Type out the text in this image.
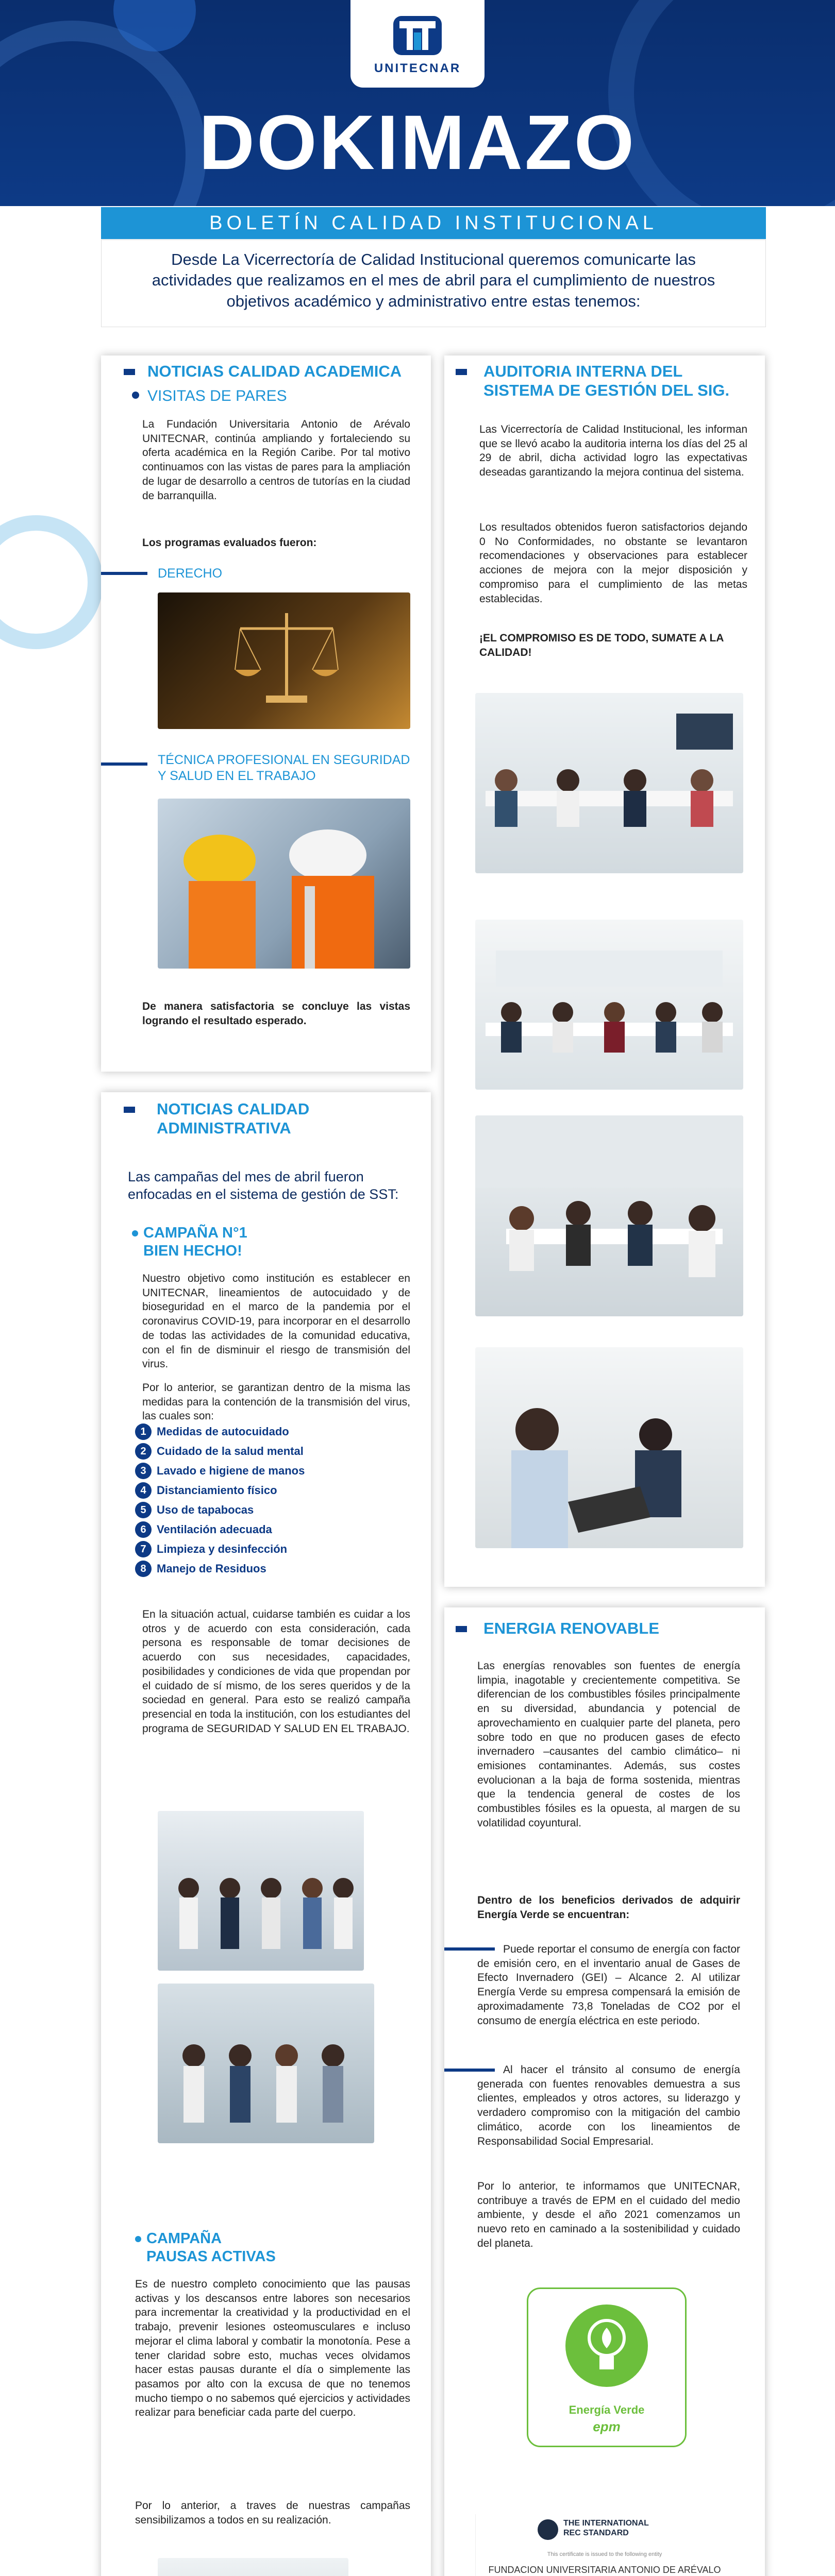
UNITECNAR
DOKIMAZO
BOLETÍN CALIDAD INSTITUCIONAL
Desde La Vicerrectoría de Calidad Institucional queremos comunicarte las actividades que realizamos en el mes de abril para el cumplimiento de nuestros objetivos académico y administrativo entre estas tenemos:
NOTICIAS CALIDAD ACADEMICA
VISITAS DE PARES
La Fundación Universitaria Antonio de Arévalo UNITECNAR, continúa ampliando y fortaleciendo su oferta académica en la Región Caribe. Por tal motivo continuamos con las vistas de pares para la ampliación de lugar de desarrollo a centros de tutorías en la ciudad de barranquilla.
Los programas evaluados fueron:
DERECHO
TÉCNICA PROFESIONAL EN SEGURIDAD Y SALUD EN EL TRABAJO
De manera satisfactoria se concluye las vistas logrando el resultado esperado.
AUDITORIA INTERNA DEL SISTEMA DE GESTIÓN DEL SIG.
Las Vicerrectoría de Calidad Institucional, les informan que se llevó acabo la auditoria interna los días del 25 al 29 de abril, dicha actividad logro las expectativas deseadas garantizando la mejora continua del sistema.
Los resultados obtenidos fueron satisfactorios dejando 0 No Conformidades, no obstante se levantaron recomendaciones y observaciones para establecer acciones de mejora con la mejor disposición y compromiso para el cumplimiento de las metas establecidas.
¡EL COMPROMISO ES DE TODO, SUMATE A LA CALIDAD!
NOTICIAS CALIDAD ADMINISTRATIVA
Las campañas del mes de abril fueron enfocadas en el sistema de gestión de SST:
CAMPAÑA N°1 BIEN HECHO!
Nuestro objetivo como institución es establecer en UNITECNAR, lineamientos de autocuidado y de bioseguridad en el marco de la pandemia por el coronavirus COVID-19, para incorporar en el desarrollo de todas las actividades de la comunidad educativa, con el fin de disminuir el riesgo de transmisión del virus.
Por lo anterior, se garantizan dentro de la misma las medidas para la contención de la transmisión del virus, las cuales son:
1 Medidas de autocuidado
2 Cuidado de la salud mental
3 Lavado e higiene de manos
4 Distanciamiento físico
5 Uso de tapabocas
6 Ventilación adecuada
7 Limpieza y desinfección
8 Manejo de Residuos
En la situación actual, cuidarse también es cuidar a los otros y de acuerdo con esta consideración, cada persona es responsable de tomar decisiones de acuerdo con sus necesidades, capacidades, posibilidades y condiciones de vida que propendan por el cuidado de sí mismo, de los seres queridos y de la sociedad en general. Para esto se realizó campaña presencial en toda la institución, con los estudiantes del programa de SEGURIDAD Y SALUD EN EL TRABAJO.
CAMPAÑA PAUSAS ACTIVAS
Es de nuestro completo conocimiento que las pausas activas y los descansos entre labores son necesarios para incrementar la creatividad y la productividad en el trabajo, prevenir lesiones osteomusculares e incluso mejorar el clima laboral y combatir la monotonía. Pese a tener claridad sobre esto, muchas veces olvidamos hacer estas pausas durante el día o simplemente las pasamos por alto con la excusa de que no tenemos mucho tiempo o no sabemos qué ejercicios y actividades realizar para beneficiar cada parte del cuerpo.
Por lo anterior, a traves de nuestras campañas sensibilizamos a todos en su realización.
ENERGIA RENOVABLE
Las energías renovables son fuentes de energía limpia, inagotable y crecientemente competitiva. Se diferencian de los combustibles fósiles principalmente en su diversidad, abundancia y potencial de aprovechamiento en cualquier parte del planeta, pero sobre todo en que no producen gases de efecto invernadero –causantes del cambio climático– ni emisiones contaminantes. Además, sus costes evolucionan a la baja de forma sostenida, mientras que la tendencia general de costes de los combustibles fósiles es la opuesta, al margen de su volatilidad coyuntural.
Dentro de los beneficios derivados de adquirir Energía Verde se encuentran:
Puede reportar el consumo de energía con factor de emisión cero, en el inventario anual de Gases de Efecto Invernadero (GEI) – Alcance 2. Al utilizar Energía Verde su empresa compensará la emisión de aproximadamente 73,8 Toneladas de CO2 por el consumo de energía eléctrica en este periodo.
Al hacer el tránsito al consumo de energía generada con fuentes renovables demuestra a sus clientes, empleados y otros actores, su liderazgo y verdadero compromiso con la mitigación del cambio climático, acorde con los lineamientos de Responsabilidad Social Empresarial.
Por lo anterior, te informamos que UNITECNAR, contribuye a través de EPM en el cuidado del medio ambiente, y desde el año 2021 comenzamos un nuevo reto en caminado a la sostenibilidad y cuidado del planeta.
Energía Verde
epm
THE INTERNATIONAL REC STANDARD
This certificate is issued to the following entity
FUNDACION UNIVERSITARIA ANTONIO DE ARÉVALO
